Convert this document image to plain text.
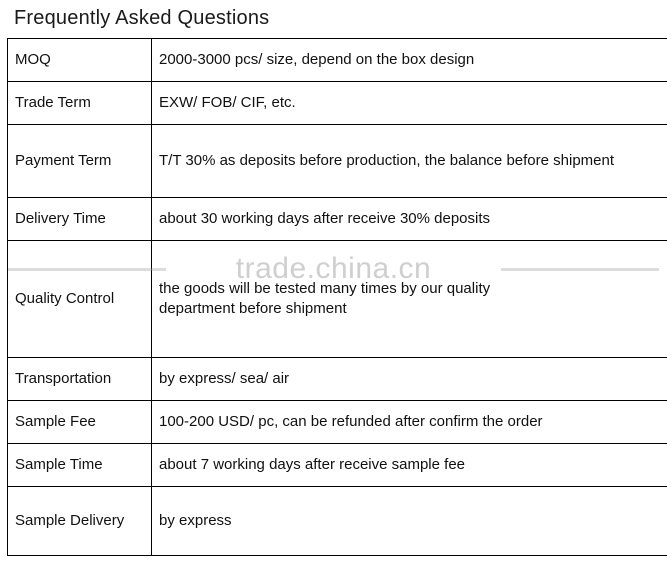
Frequently Asked Questions
MOQ	2000-3000 pcs/ size, depend on the box design
Trade Term	EXW/ FOB/ CIF, etc.
Payment Term	T/T 30% as deposits before production, the balance before shipment
Delivery Time	about 30 working days after receive 30% deposits
Quality Control	the goods will be tested many times by our quality
department before shipment

Transportation	by express/ sea/ air
Sample Fee	100-200 USD/ pc, can be refunded after confirm the order
Sample Time	about 7 working days after receive sample fee
Sample Delivery	by express
trade.china.cn
